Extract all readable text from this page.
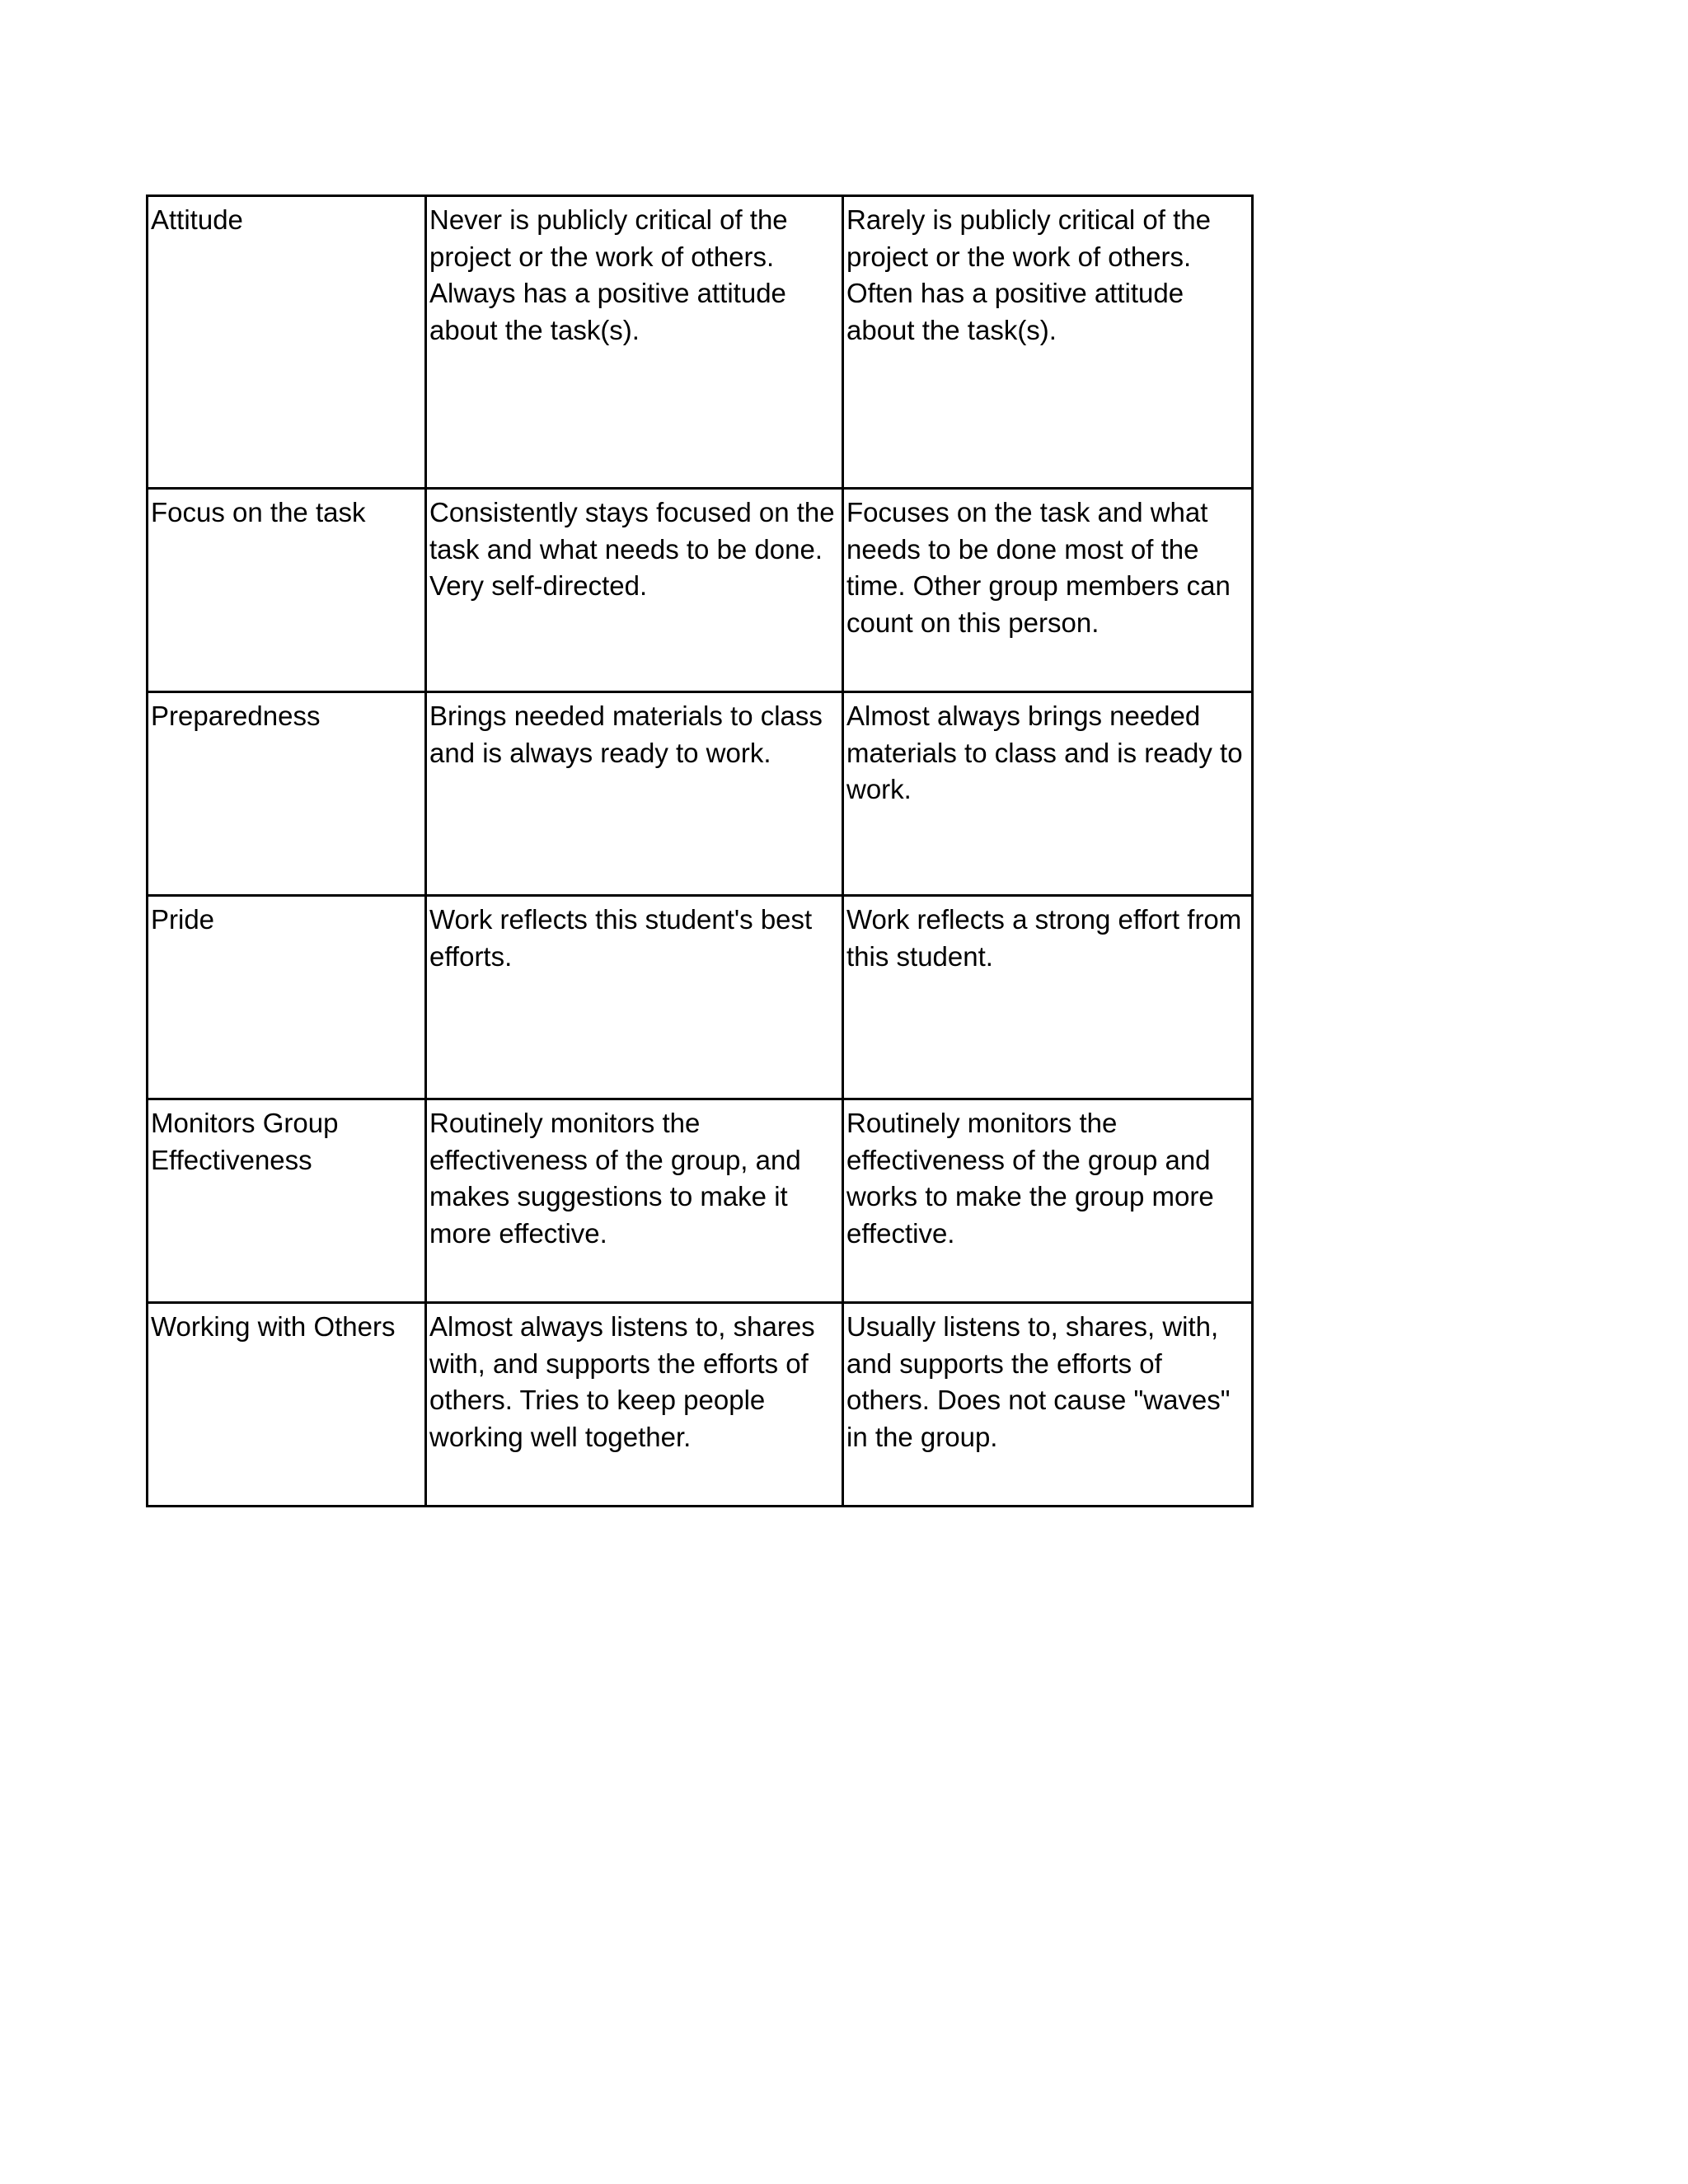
Attitude	Never is publicly critical of the project or the work of others. Always has a positive attitude about the task(s).	Rarely is publicly critical of the project or the work of others. Often has a positive attitude about the task(s).
Focus on the task	Consistently stays focused on the task and what needs to be done. Very self-directed.	Focuses on the task and what needs to be done most of the time. Other group members can count on this person.
Preparedness	Brings needed materials to class and is always ready to work.	Almost always brings needed materials to class and is ready to work.
Pride	Work reflects this student's best efforts.	Work reflects a strong effort from this student.
Monitors Group Effectiveness	Routinely monitors the effectiveness of the group, and makes suggestions to make it more effective.	Routinely monitors the effectiveness of the group and works to make the group more effective.
Working with Others	Almost always listens to, shares with, and supports the efforts of others. Tries to keep people working well together.	Usually listens to, shares, with, and supports the efforts of others. Does not cause "waves" in the group.
